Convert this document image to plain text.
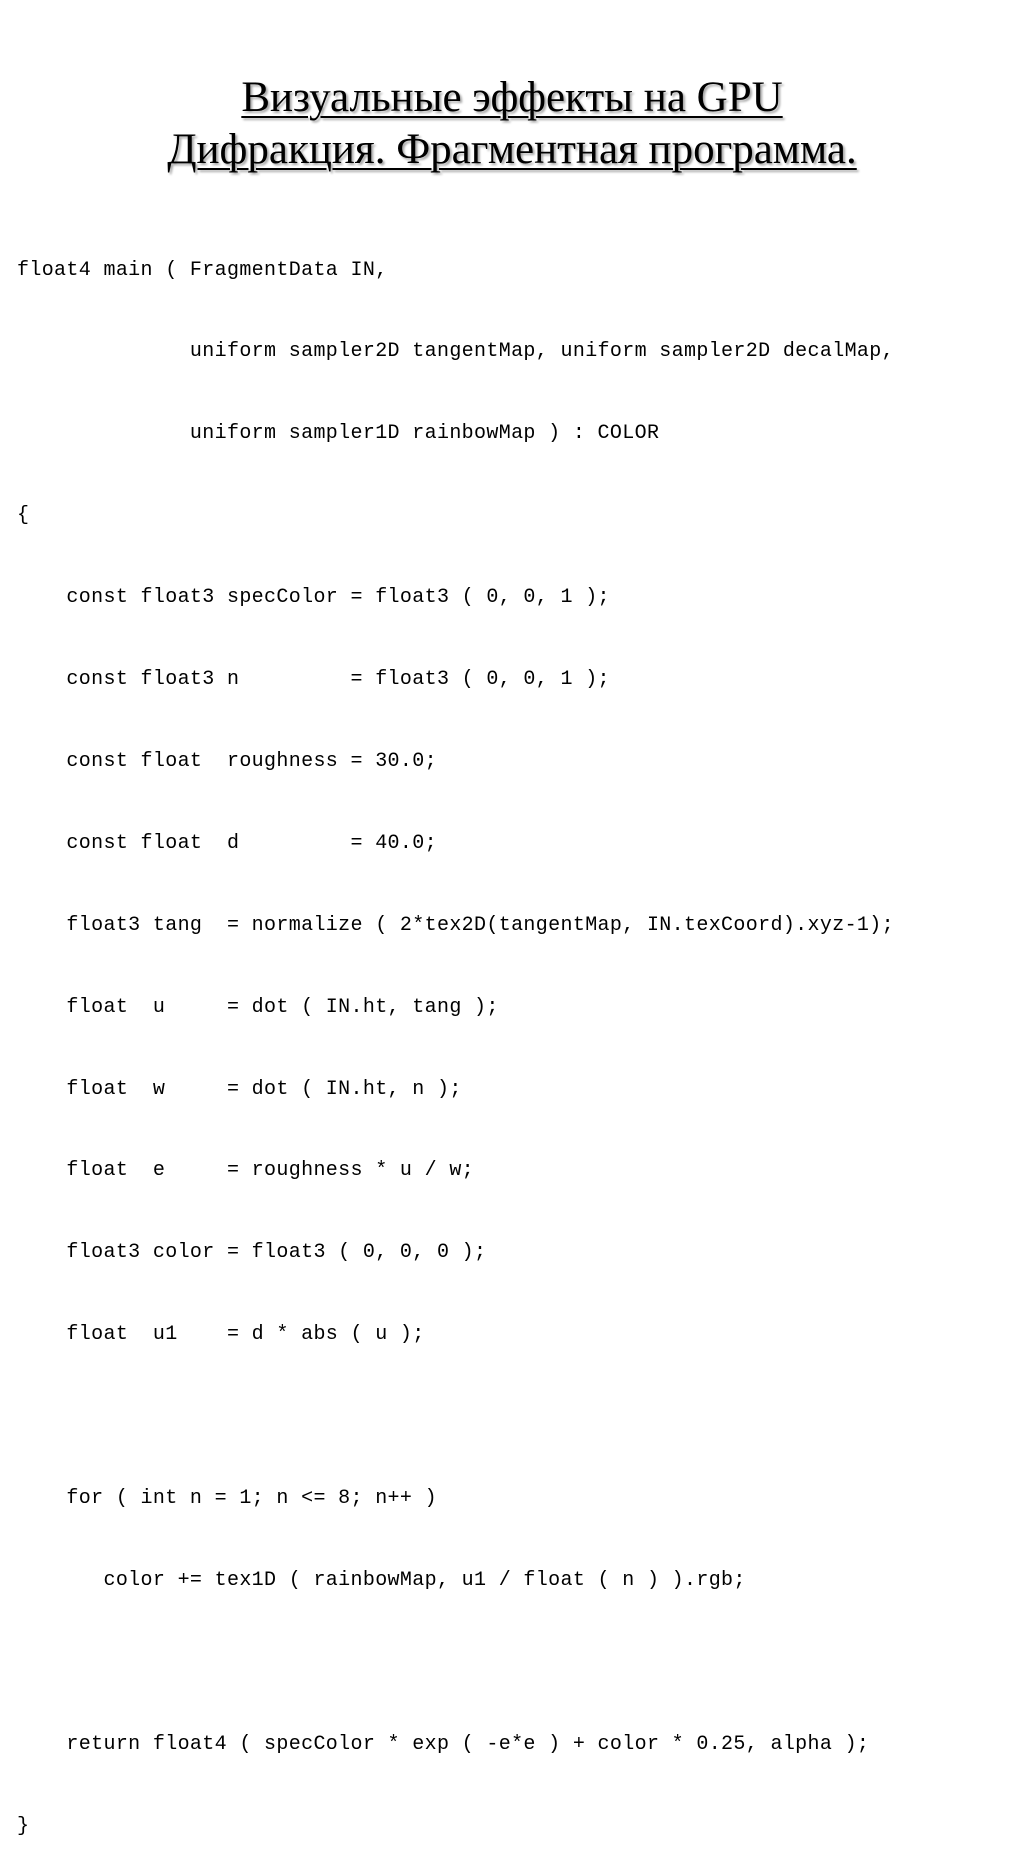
Визуальные эффекты на GPU
Дифракция. Фрагментная программа.

float4 main ( FragmentData IN,

uniform sampler2D tangentMap, uniform sampler2D decalMap,

uniform sampler1D rainbowMap ) : COLOR

{

const float3 specColor = float3 ( 0, 0, 1 );

const float3 n         = float3 ( 0, 0, 1 );

const float  roughness = 30.0;

const float  d         = 40.0;

float3 tang  = normalize ( 2*tex2D(tangentMap, IN.texCoord).xyz-1);

float  u     = dot ( IN.ht, tang );

float  w     = dot ( IN.ht, n );

float  e     = roughness * u / w;

float3 color = float3 ( 0, 0, 0 );

float  u1    = d * abs ( u );

for ( int n = 1; n <= 8; n++ )

color += tex1D ( rainbowMap, u1 / float ( n ) ).rgb;

return float4 ( specColor * exp ( -e*e ) + color * 0.25, alpha );

}
